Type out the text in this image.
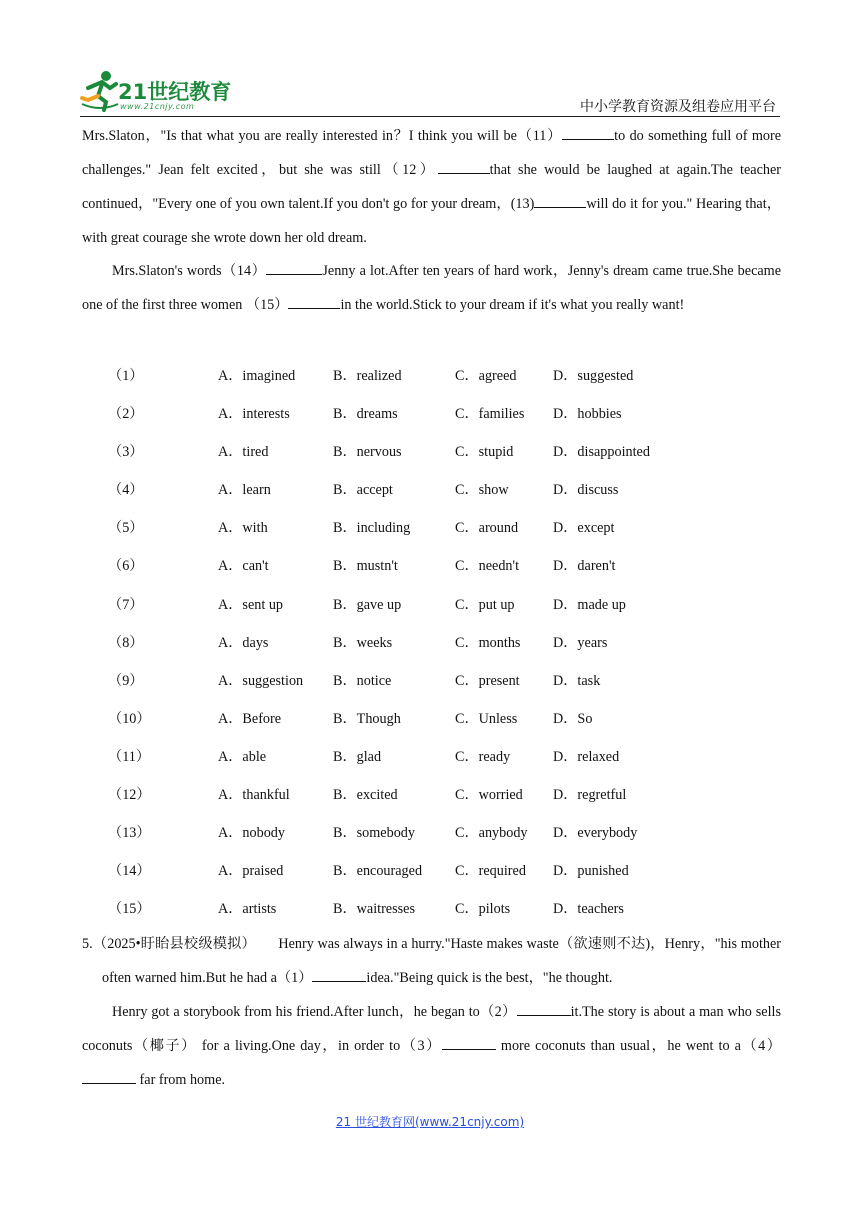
21世纪教育
www.21cnjy.com	中小学教育资源及组卷应用平台
Mrs.Slaton，"Is that what you are really interested in？I think you will be（11）	to do something full of more challenges." Jean felt excited，but she was still（12）	that she would be laughed at again.The teacher continued，"Every one of you own talent.If you don't go for your dream，(13)	will do it for you." Hearing that，with great courage she wrote down her old dream.
Mrs.Slaton's words（14）	Jenny a lot.After ten years of hard work，Jenny's dream came true.She became one of the first three women （15）	in the world.Stick to your dream if it's what you really want!
（1）	A．imagined	B．realized	C．agreed	D．suggested
（2）	A．interests	B．dreams	C．families D．hobbies
（3）	A．tired	B．nervous	C．stupid	D．disappointed
（4）	A．learn	B．accept	C．show	D．discuss
（5）	A．with	B．including	C．around D．except
（6）	A．can't	B．mustn't	C．needn't D．daren't
（7）	A．sent up	B．gave up	C．put up	D．made up
（8）	A．days	B．weeks	C．months D．years
（9）	A．suggestion B．notice	C．present D．task
（10）	A．Before	B．Though	C．Unless	D．So
（11）	A．able	B．glad	C．ready	D．relaxed
（12）	A．thankful	B．excited	C．worried D．regretful
（13）	A．nobody	B．somebody	C．anybody D．everybody
（14）	A．praised	B．encouraged C．required D．punished
（15）	A．artists	B．waitresses	C．pilots	D．teachers
5.（2025•盱眙县校级模拟） Henry was always in a hurry."Haste makes waste（欲速则不达)，Henry，"his mother often warned him.But he had a（1）	idea."Being quick is the best，"he thought.
Henry got a storybook from his friend.After lunch，he began to（2）	it.The story is about a man who sells coconuts（椰子） for a living.One day，in order to（3）	more coconuts than usual，he went to a（4） far from home.
21 世纪教育网(www.21cnjy.com)
